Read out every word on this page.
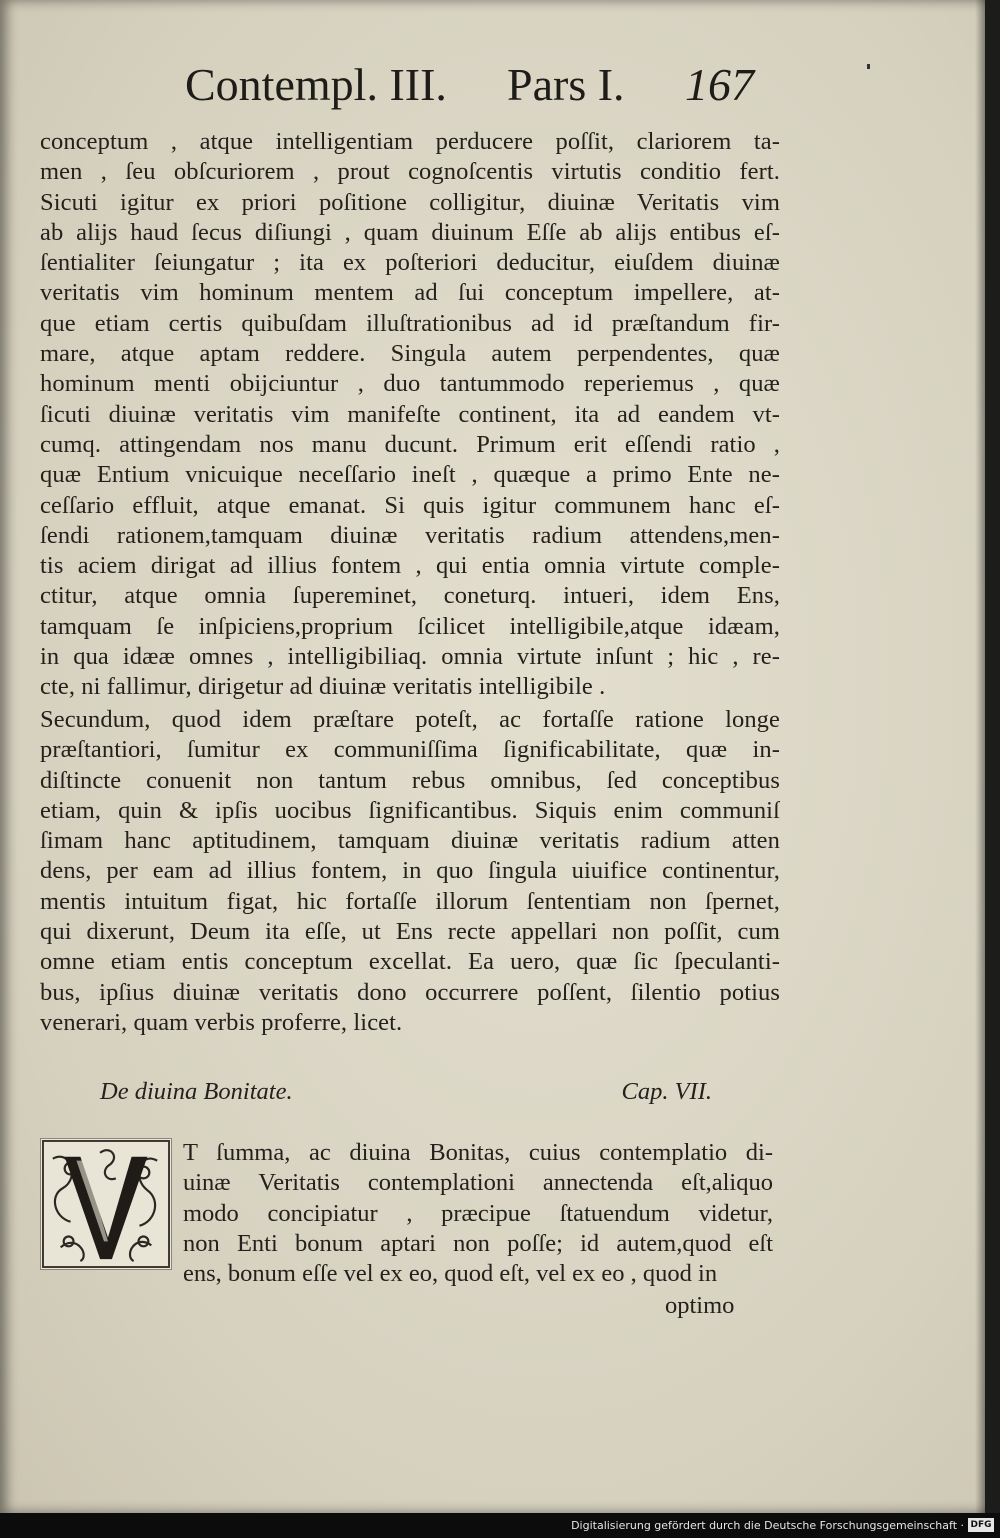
Contempl. III. Pars I. 167
conceptum , atque intelligentiam perducere poſſit, clariorem ta-
men , ſeu obſcuriorem , prout cognoſcentis virtutis conditio fert.
Sicuti igitur ex priori poſitione colligitur, diuinæ Veritatis vim
ab alijs haud ſecus diſiungi , quam diuinum Eſſe ab alijs entibus eſ-
ſentialiter ſeiungatur ; ita ex poſteriori deducitur, eiuſdem diuinæ
veritatis vim hominum mentem ad ſui conceptum impellere, at-
que etiam certis quibuſdam illuſtrationibus ad id præſtandum fir-
mare, atque aptam reddere. Singula autem perpendentes, quæ
hominum menti obijciuntur , duo tantummodo reperiemus , quæ
ſicuti diuinæ veritatis vim manifeſte continent, ita ad eandem vt-
cumq. attingendam nos manu ducunt. Primum erit eſſendi ratio ,
quæ Entium vnicuique neceſſario ineſt , quæque a primo Ente ne-
ceſſario effluit, atque emanat. Si quis igitur communem hanc eſ-
ſendi rationem,tamquam diuinæ veritatis radium attendens,men-
tis aciem dirigat ad illius fontem , qui entia omnia virtute comple-
ctitur, atque omnia ſupereminet, coneturq. intueri, idem Ens,
tamquam ſe inſpiciens,proprium ſcilicet intelligibile,atque idæam,
in qua idææ omnes , intelligibiliaq. omnia virtute inſunt ; hic , re-
cte, ni fallimur, dirigetur ad diuinæ veritatis intelligibile .
Secundum, quod idem præſtare poteſt, ac fortaſſe ratione longe
præſtantiori, ſumitur ex communiſſima ſignificabilitate, quæ in-
diſtincte conuenit non tantum rebus omnibus, ſed conceptibus
etiam, quin & ipſis uocibus ſignificantibus. Siquis enim communiſ
ſimam hanc aptitudinem, tamquam diuinæ veritatis radium atten
dens, per eam ad illius fontem, in quo ſingula uiuifice continentur,
mentis intuitum figat, hic fortaſſe illorum ſententiam non ſpernet,
qui dixerunt, Deum ita eſſe, ut Ens recte appellari non poſſit, cum
omne etiam entis conceptum excellat. Ea uero, quæ ſic ſpeculanti-
bus, ipſius diuinæ veritatis dono occurrere poſſent, ſilentio potius
venerari, quam verbis proferre, licet.
De diuina Bonitate.	Cap. VII.
T ſumma, ac diuina Bonitas, cuius contemplatio di-
uinæ Veritatis contemplationi annectenda eſt,aliquo
modo concipiatur , præcipue ſtatuendum videtur,
non Enti bonum aptari non poſſe; id autem,quod eſt
ens, bonum eſſe vel ex eo, quod eſt, vel ex eo , quod in
optimo
Digitalisierung gefördert durch die Deutsche Forschungsgemeinschaft · DFG
